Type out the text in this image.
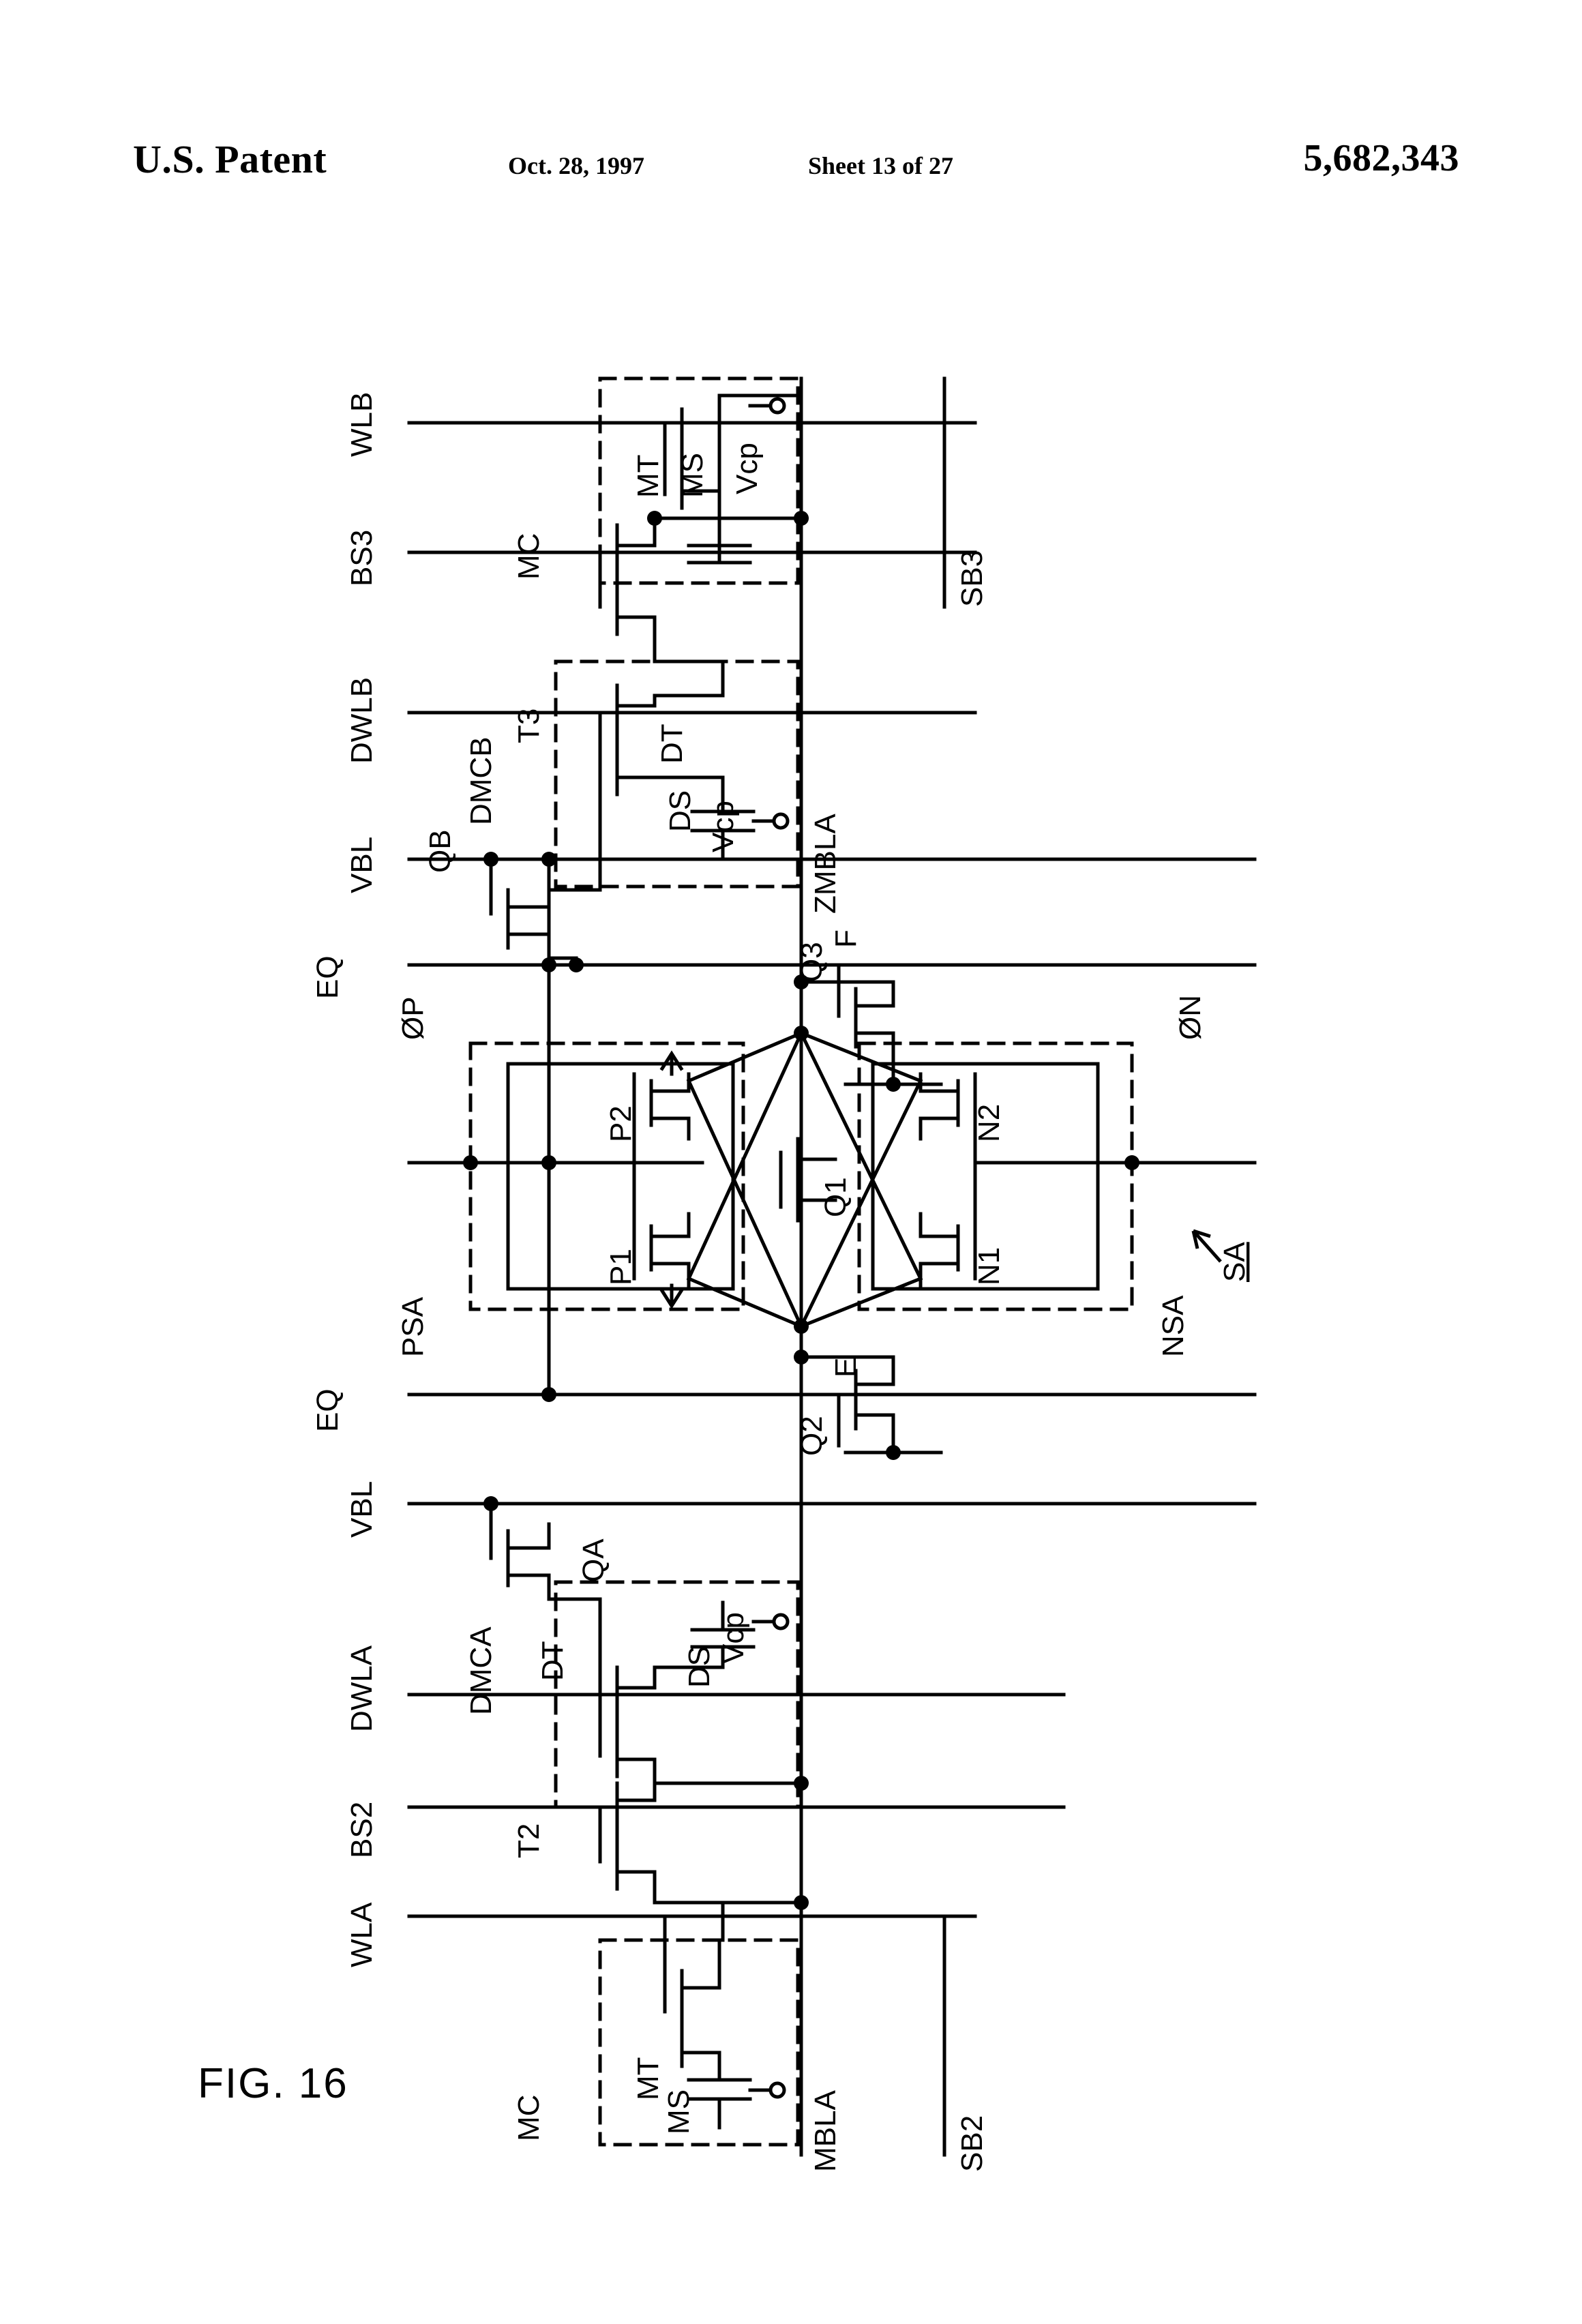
U.S. Patent	Oct. 28, 1997	Sheet 13 of 27	5,682,343
FIG. 16
MC
MT MS Vcp
SB3
WLB
T3
BS3
DWLB
DMCB	DT
DS Vcp ZMBLA
QB
VBL
EQ	Q3
F
ØP	ØN
P2	N2
Q1
P1	N1	SA
PSA	NSA
EQ
Q2
E
VBL
QA
DMCA DT	DS
Vcp
DWLA
BS2
WLA
T2
MC
MT
MS	MBLA	SB2
